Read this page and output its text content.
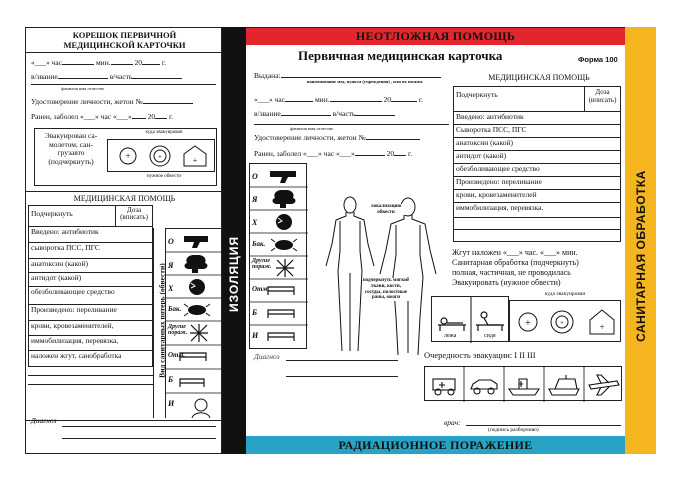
КОРЕШОК ПЕРВИЧНОЙ
МЕДИЦИНСКОЙ КАРТОЧКИ
«___» час	мин.	20	г.
в/звание	в/часть
фамилия имя отчество
Удостоверение личности, жетон №
Ранен, заболел «___» час «___» 20 г.
Эвакуирован са-молетом, сан-грузавто (подчеркнуть)
куда эвакуирован
+	+	+
нужное обвести
МЕДИЦИНСКАЯ ПОМОЩЬ
Подчеркнуть	Доза (вписать)
Введено: антибиотик
сыворотка ПСС, ПГС
анатоксин (какой)
антидот (какой)
обезболивающее средство
Произведено: переливание
крови, кровезаменителей,
иммобилизация, перевязка,
наложен жгут, санобработка	Вид санитарных потерь (обвести)
О
Я
Х
Бак.
Другие пораж.
Отм.
Б
И
Диагноз
ИЗОЛЯЦИЯ
НЕОТЛОЖНАЯ ПОМОЩЬ
Первичная медицинская карточка	Форма 100
Выдана:
наименование мед. пункта (учреждения) , или их штамп.	МЕДИЦИНСКАЯ ПОМОЩЬ
«___» час	мин.	20	г.
в/звание	в/часть
фамилия имя отчество
Удостоверение личности, жетон №
Ранен, заболел «___» час «___»	20 г.
О
Я
Х
Бак.
Другие пораж.
Отм.
Б
И
локализацию обвести
подчеркнуть мягкие ткани, кости, сосуды, полостные раны, ожоги
Диагноз
Подчеркнуть	Доза (вписать)
Введено: антибиотик
Сыворотка ПСС, ПГС
анатоксин (какой)
антидот (какой)
обезболивающее средство
Произведено: переливание
крови, кровезаменителей
иммобилизация, перевязка.
Жгут наложен «___» час. «___» мин.
Санитарная обработка (подчеркнуть)
полная, частичная, не проводилась
Эвакуировать (нужное обвести)
лежа	сидя
куда эвакуирован
+	+	+
Очередность эвакуации: I II III
врач:
(подпись разборчиво)
РАДИАЦИОННОЕ ПОРАЖЕНИЕ
САНИТАРНАЯ ОБРАБОТКА
